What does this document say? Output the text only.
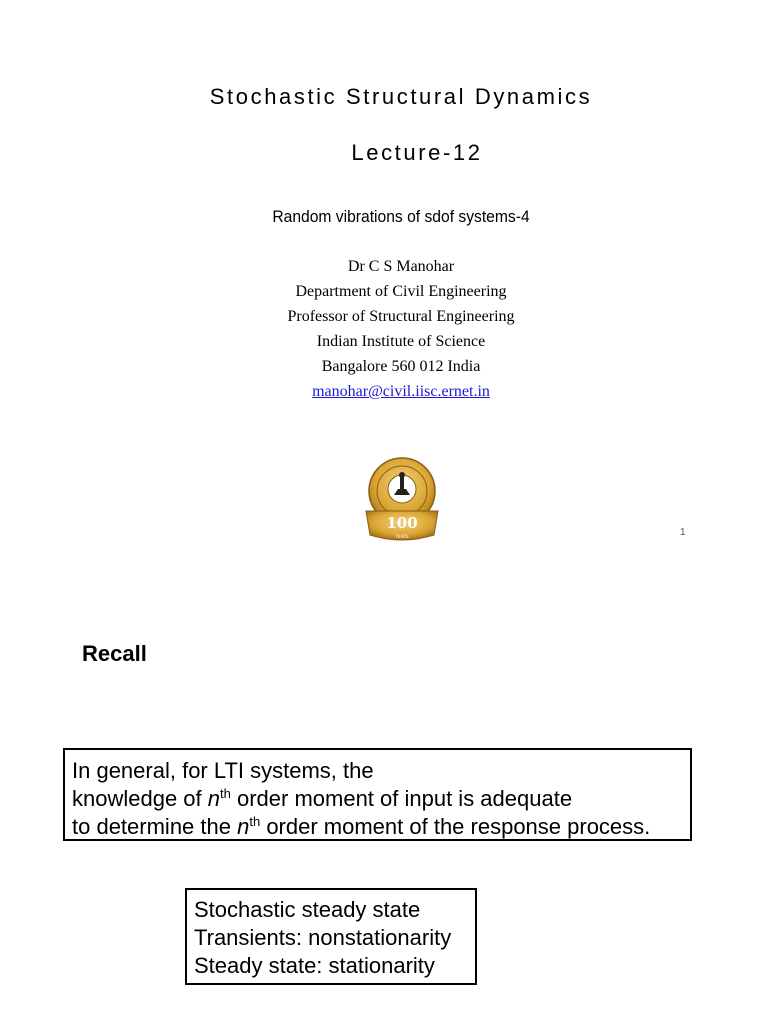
Stochastic Structural Dynamics
Lecture-12
Random vibrations of sdof systems-4
Dr C S Manohar
Department of Civil Engineering
Professor of Structural Engineering
Indian Institute of Science
Bangalore 560 012 India
manohar@civil.iisc.ernet.in
100
YEARS	1
Recall
In general, for LTI systems, the
knowledge of $n^{th}$ order moment of input is adequate
to determine the $n^{th}$ order moment of the response process.
Stochastic steady state
Transients: nonstationarity
Steady state: stationarity
